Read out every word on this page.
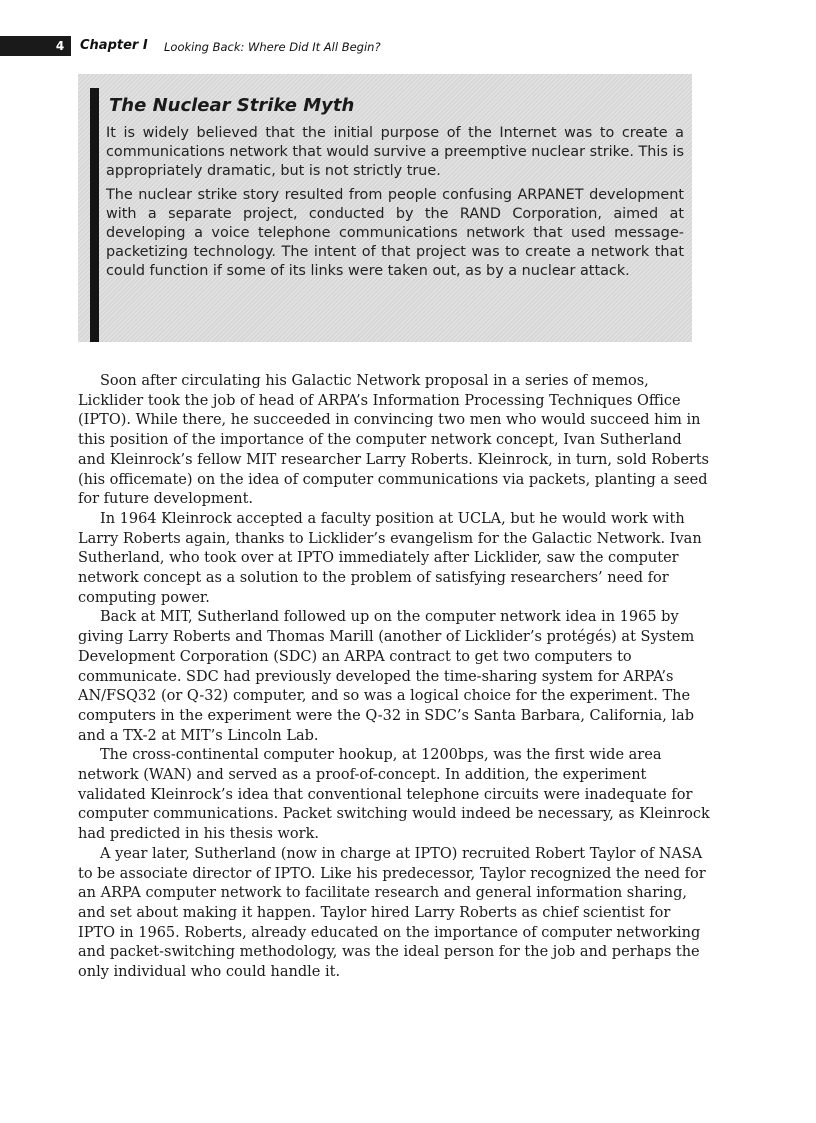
4	Chapter I Looking Back: Where Did It All Begin?
The Nuclear Strike Myth

It is widely believed that the initial purpose of the Internet was to create a communications network that would survive a preemptive nuclear strike. This is appropriately dramatic, but is not strictly true.

The nuclear strike story resulted from people confusing ARPANET development with a separate project, conducted by the RAND Corporation, aimed at developing a voice telephone communications network that used message-packetizing technology. The intent of that project was to create a network that could function if some of its links were taken out, as by a nuclear attack.

Soon after circulating his Galactic Network proposal in a series of memos, Licklider took the job of head of ARPA’s Information Processing Techniques Office (IPTO). While there, he succeeded in convincing two men who would succeed him in this position of the importance of the computer network concept, Ivan Sutherland and Kleinrock’s fellow MIT researcher Larry Roberts. Kleinrock, in turn, sold Roberts (his officemate) on the idea of computer communications via packets, planting a seed for future development.

In 1964 Kleinrock accepted a faculty position at UCLA, but he would work with Larry Roberts again, thanks to Licklider’s evangelism for the Galactic Network. Ivan Sutherland, who took over at IPTO immediately after Licklider, saw the computer network concept as a solution to the problem of satisfying researchers’ need for computing power.

Back at MIT, Sutherland followed up on the computer network idea in 1965 by giving Larry Roberts and Thomas Marill (another of Licklider’s protégés) at System Development Corporation (SDC) an ARPA contract to get two computers to communicate. SDC had previously developed the time-sharing system for ARPA’s AN/FSQ32 (or Q-32) computer, and so was a logical choice for the experiment. The computers in the experiment were the Q-32 in SDC’s Santa Barbara, California, lab and a TX-2 at MIT’s Lincoln Lab.

The cross-continental computer hookup, at 1200bps, was the first wide area network (WAN) and served as a proof-of-concept. In addition, the experiment validated Kleinrock’s idea that conventional telephone circuits were inadequate for computer communications. Packet switching would indeed be necessary, as Kleinrock had predicted in his thesis work.

A year later, Sutherland (now in charge at IPTO) recruited Robert Taylor of NASA to be associate director of IPTO. Like his predecessor, Taylor recognized the need for an ARPA computer network to facilitate research and general information sharing, and set about making it happen. Taylor hired Larry Roberts as chief scientist for IPTO in 1965. Roberts, already educated on the importance of computer networking and packet-switching methodology, was the ideal person for the job and perhaps the only individual who could handle it.
